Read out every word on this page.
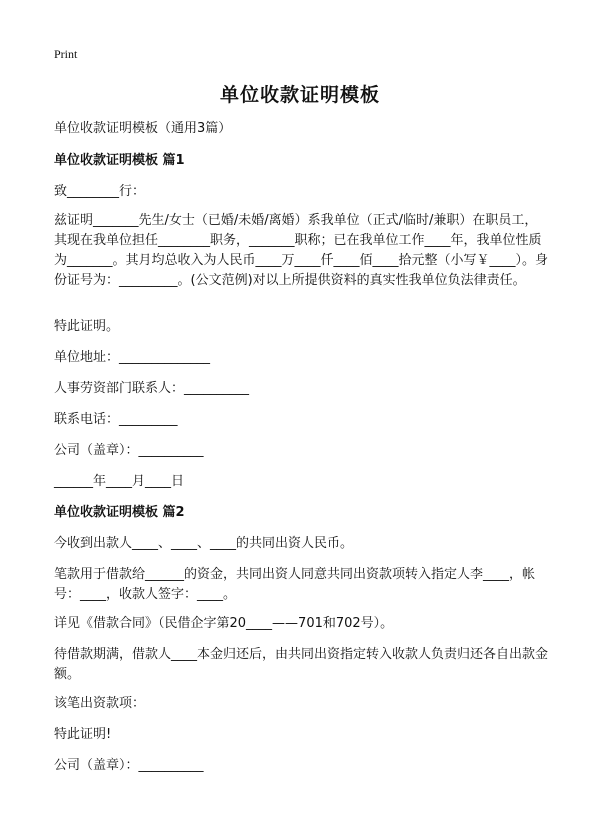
Print
单位收款证明模板
单位收款证明模板（通用3篇）
单位收款证明模板 篇1
致________行：
兹证明_______先生/女士（已婚/未婚/离婚）系我单位（正式/临时/兼职）在职员工，其现在我单位担任________职务，_______职称；已在我单位工作____年，我单位性质为_______。其月均总收入为人民币____万____仟____佰____拾元整（小写￥____）。身份证号为：_________。(公文范例)对以上所提供资料的真实性我单位负法律责任。
特此证明。
单位地址：______________
人事劳资部门联系人：__________
联系电话：_________
公司（盖章）：__________
______年____月____日
单位收款证明模板 篇2
今收到出款人____、____、____的共同出资人民币。
笔款用于借款给______的资金，共同出资人同意共同出资款项转入指定人李____，帐号：____，收款人签字：____。
详见《借款合同》（民借企字第20____——701和702号）。
待借款期满，借款人____本金归还后，由共同出资指定转入收款人负责归还各自出款金额。
该笔出资款项：
特此证明!
公司（盖章）：__________
